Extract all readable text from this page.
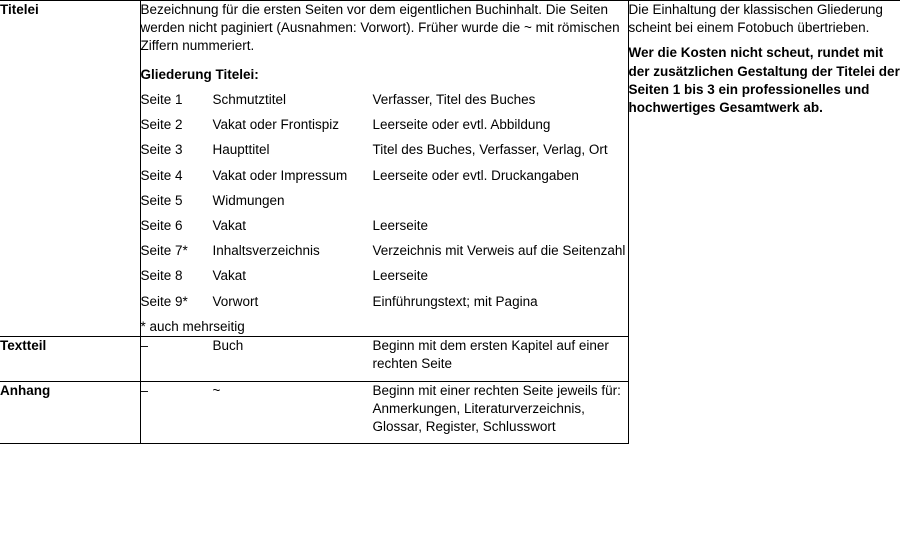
Titelei	Bezeichnung für die ersten Seiten vor dem eigentlichen Buchinhalt. Die Seiten werden nicht paginiert (Ausnahmen: Vorwort). Früher wurde die ~ mit römischen Ziffern nummeriert.

Gliederung Titelei:
Seite 1	Schmutztitel	Verfasser, Titel des Buches
Seite 2	Vakat oder Frontispiz	Leerseite oder evtl. Abbildung
Seite 3	Haupttitel	Titel des Buches, Verfasser, Verlag, Ort
Seite 4	Vakat oder Impressum	Leerseite oder evtl. Druckangaben
Seite 5	Widmungen	
Seite 6	Vakat	Leerseite
Seite 7*	Inhaltsverzeichnis	Verzeichnis mit Verweis auf die Seitenzahl
Seite 8	Vakat	Leerseite
Seite 9*	Vorwort	Einführungstext; mit Pagina

* auch mehrseitig

Die Einhaltung der klassischen Gliederung scheint bei einem Fotobuch übertrieben.

Wer die Kosten nicht scheut, rundet mit der zusätzlichen Gestaltung der Titelei der Seiten 1 bis 3 ein professionelles und hochwertiges Gesamtwerk ab.

Textteil		–	Buch	Beginn mit dem ersten Kapitel auf einer rechten Seite

Anhang		–	~	Beginn mit einer rechten Seite jeweils für: Anmerkungen, Literaturverzeichnis, Glossar, Register, Schlusswort
